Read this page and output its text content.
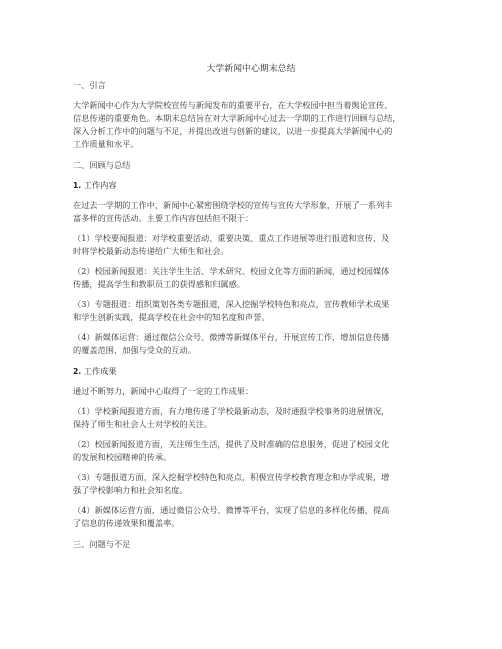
大学新闻中心期末总结

一、引言

大学新闻中心作为大学院校宣传与新闻发布的重要平台，在大学校园中担当着舆论宣传、
信息传递的重要角色。本期末总结旨在对大学新闻中心过去一学期的工作进行回顾与总结，
深入分析工作中的问题与不足，并提出改进与创新的建议，以进一步提高大学新闻中心的
工作质量和水平。

二、回顾与总结

1. 工作内容

在过去一学期的工作中，新闻中心紧密围绕学校的宣传与宣传大学形象，开展了一系列丰
富多样的宣传活动。主要工作内容包括但不限于：

（1）学校要闻报道：对学校重要活动、重要决策、重点工作进展等进行报道和宣传，及
时将学校最新动态传递给广大师生和社会。

（2）校园新闻报道：关注学生生活、学术研究、校园文化等方面的新闻，通过校园媒体
传播，提高学生和教职员工的获得感和归属感。

（3）专题报道：组织策划各类专题报道，深入挖掘学校特色和亮点，宣传教师学术成果
和学生创新实践，提高学校在社会中的知名度和声誉。

（4）新媒体运营：通过微信公众号、微博等新媒体平台，开展宣传工作，增加信息传播
的覆盖范围，加强与受众的互动。

2. 工作成果

通过不断努力，新闻中心取得了一定的工作成果：

（1）学校新闻报道方面，有力地传递了学校最新动态，及时通报学校事务的进展情况，
保持了师生和社会人士对学校的关注。

（2）校园新闻报道方面，关注师生生活，提供了及时准确的信息服务，促进了校园文化
的发展和校园精神的传承。

（3）专题报道方面，深入挖掘学校特色和亮点，积极宣传学校教育理念和办学成果，增
强了学校影响力和社会知名度。

（4）新媒体运营方面，通过微信公众号、微博等平台，实现了信息的多样化传播，提高
了信息的传递效果和覆盖率。

三、问题与不足
